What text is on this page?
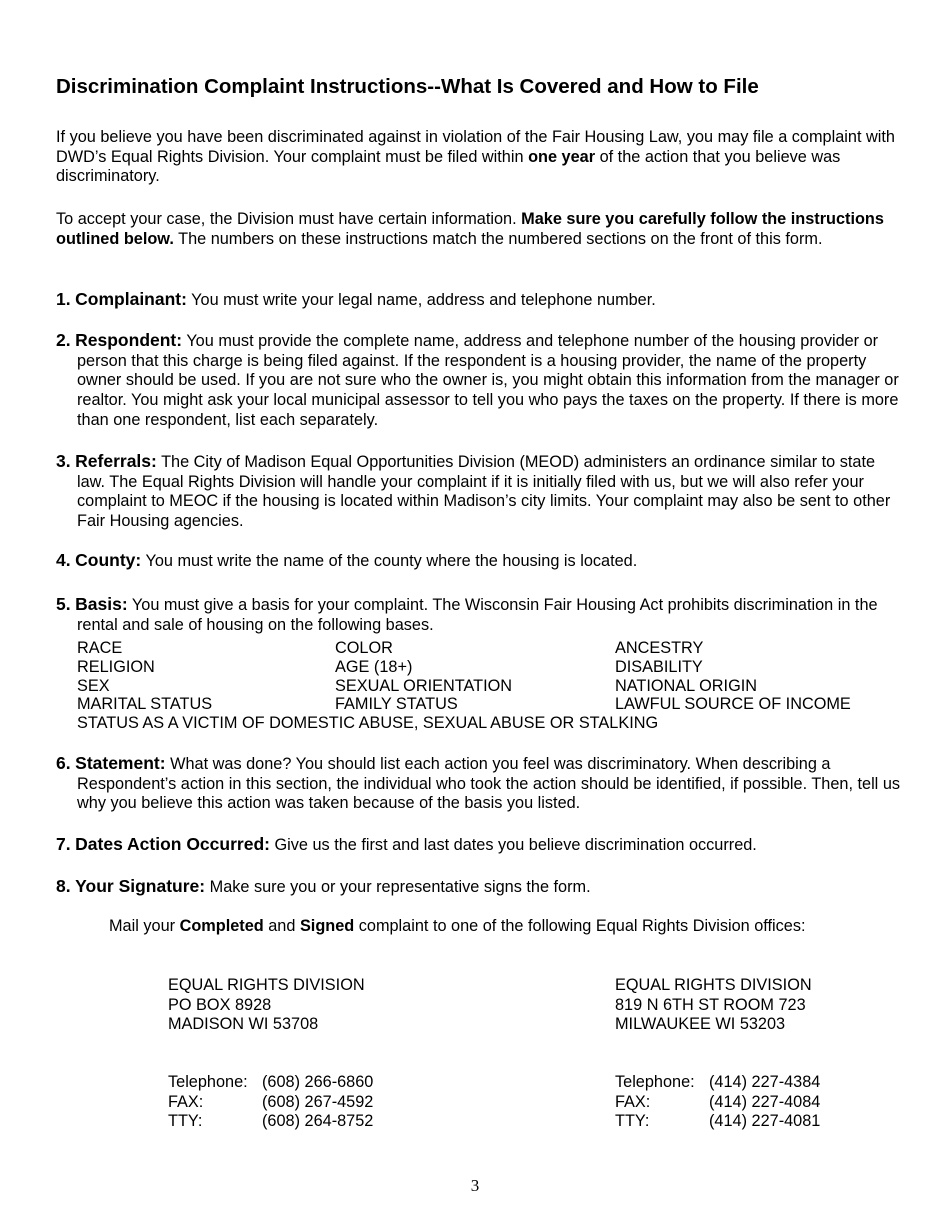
Discrimination Complaint Instructions--What Is Covered and How to File
If you believe you have been discriminated against in violation of the Fair Housing Law, you may file a complaint with DWD’s Equal Rights Division. Your complaint must be filed within one year of the action that you believe was discriminatory.
To accept your case, the Division must have certain information. Make sure you carefully follow the instructions outlined below. The numbers on these instructions match the numbered sections on the front of this form.
1. Complainant: You must write your legal name, address and telephone number.
2. Respondent: You must provide the complete name, address and telephone number of the housing provider or person that this charge is being filed against. If the respondent is a housing provider, the name of the property owner should be used. If you are not sure who the owner is, you might obtain this information from the manager or realtor. You might ask your local municipal assessor to tell you who pays the taxes on the property. If there is more than one respondent, list each separately.
3. Referrals: The City of Madison Equal Opportunities Division (MEOD) administers an ordinance similar to state law. The Equal Rights Division will handle your complaint if it is initially filed with us, but we will also refer your complaint to MEOC if the housing is located within Madison’s city limits. Your complaint may also be sent to other Fair Housing agencies.
4. County: You must write the name of the county where the housing is located.
5. Basis: You must give a basis for your complaint. The Wisconsin Fair Housing Act prohibits discrimination in the rental and sale of housing on the following bases.
RACE	COLOR	ANCESTRY
RELIGION	AGE (18+)	DISABILITY
SEX	SEXUAL ORIENTATION	NATIONAL ORIGIN
MARITAL STATUS	FAMILY STATUS	LAWFUL SOURCE OF INCOME
STATUS AS A VICTIM OF DOMESTIC ABUSE, SEXUAL ABUSE OR STALKING
6. Statement: What was done? You should list each action you feel was discriminatory. When describing a Respondent’s action in this section, the individual who took the action should be identified, if possible. Then, tell us why you believe this action was taken because of the basis you listed.
7. Dates Action Occurred: Give us the first and last dates you believe discrimination occurred.
8. Your Signature: Make sure you or your representative signs the form.
Mail your Completed and Signed complaint to one of the following Equal Rights Division offices:
EQUAL RIGHTS DIVISION
PO BOX 8928
MADISON WI 53708
Telephone: (608) 266-6860
FAX:	(608) 267-4592
TTY:	(608) 264-8752
EQUAL RIGHTS DIVISION
819 N 6TH ST ROOM 723
MILWAUKEE WI 53203
Telephone: (414) 227-4384
FAX:	(414) 227-4084
TTY:	(414) 227-4081
3
